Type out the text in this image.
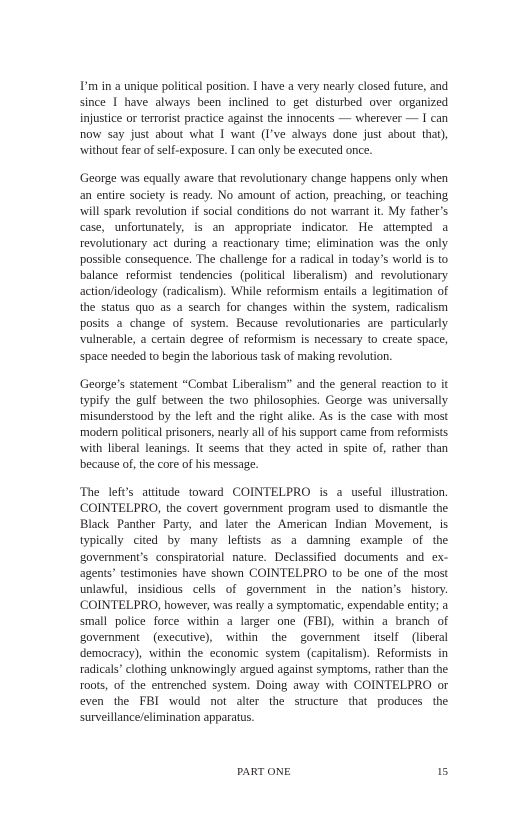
I’m in a unique political position. I have a very nearly closed future, and since I have always been inclined to get disturbed over organized injustice or terrorist practice against the innocents — wherever — I can now say just about what I want (I’ve always done just about that), without fear of self-exposure. I can only be executed once.

George was equally aware that revolutionary change happens only when an entire society is ready. No amount of action, preaching, or teaching will spark revolution if social conditions do not warrant it. My father’s case, unfortunately, is an appropriate indicator. He attempted a revolutionary act during a reactionary time; elimination was the only possible consequence. The challenge for a radical in today’s world is to balance reformist tendencies (political liberalism) and revolutionary action/ideology (radicalism). While reformism entails a legitimation of the status quo as a search for changes within the system, radicalism posits a change of system. Because revolutionaries are particularly vulnerable, a certain degree of reformism is necessary to create space, space needed to begin the laborious task of making revolution.

George’s statement “Combat Liberalism” and the general reaction to it typify the gulf between the two philosophies. George was universally misunderstood by the left and the right alike. As is the case with most modern political prisoners, nearly all of his support came from reformists with liberal leanings. It seems that they acted in spite of, rather than because of, the core of his message.

The left’s attitude toward COINTELPRO is a useful illustration. COINTELPRO, the covert government program used to dismantle the Black Panther Party, and later the American Indian Movement, is typically cited by many leftists as a damning example of the government’s conspiratorial nature. Declassified documents and ex-agents’ testimonies have shown COINTELPRO to be one of the most unlawful, insidious cells of government in the nation’s history. COINTELPRO, however, was really a symptomatic, expendable entity; a small police force within a larger one (FBI), within a branch of government (executive), within the government itself (liberal democracy), within the economic system (capitalism). Reformists in radicals’ clothing unknowingly argued against symptoms, rather than the roots, of the entrenched system. Doing away with COINTELPRO or even the FBI would not alter the structure that produces the surveillance/elimination apparatus.

PART ONE	15
